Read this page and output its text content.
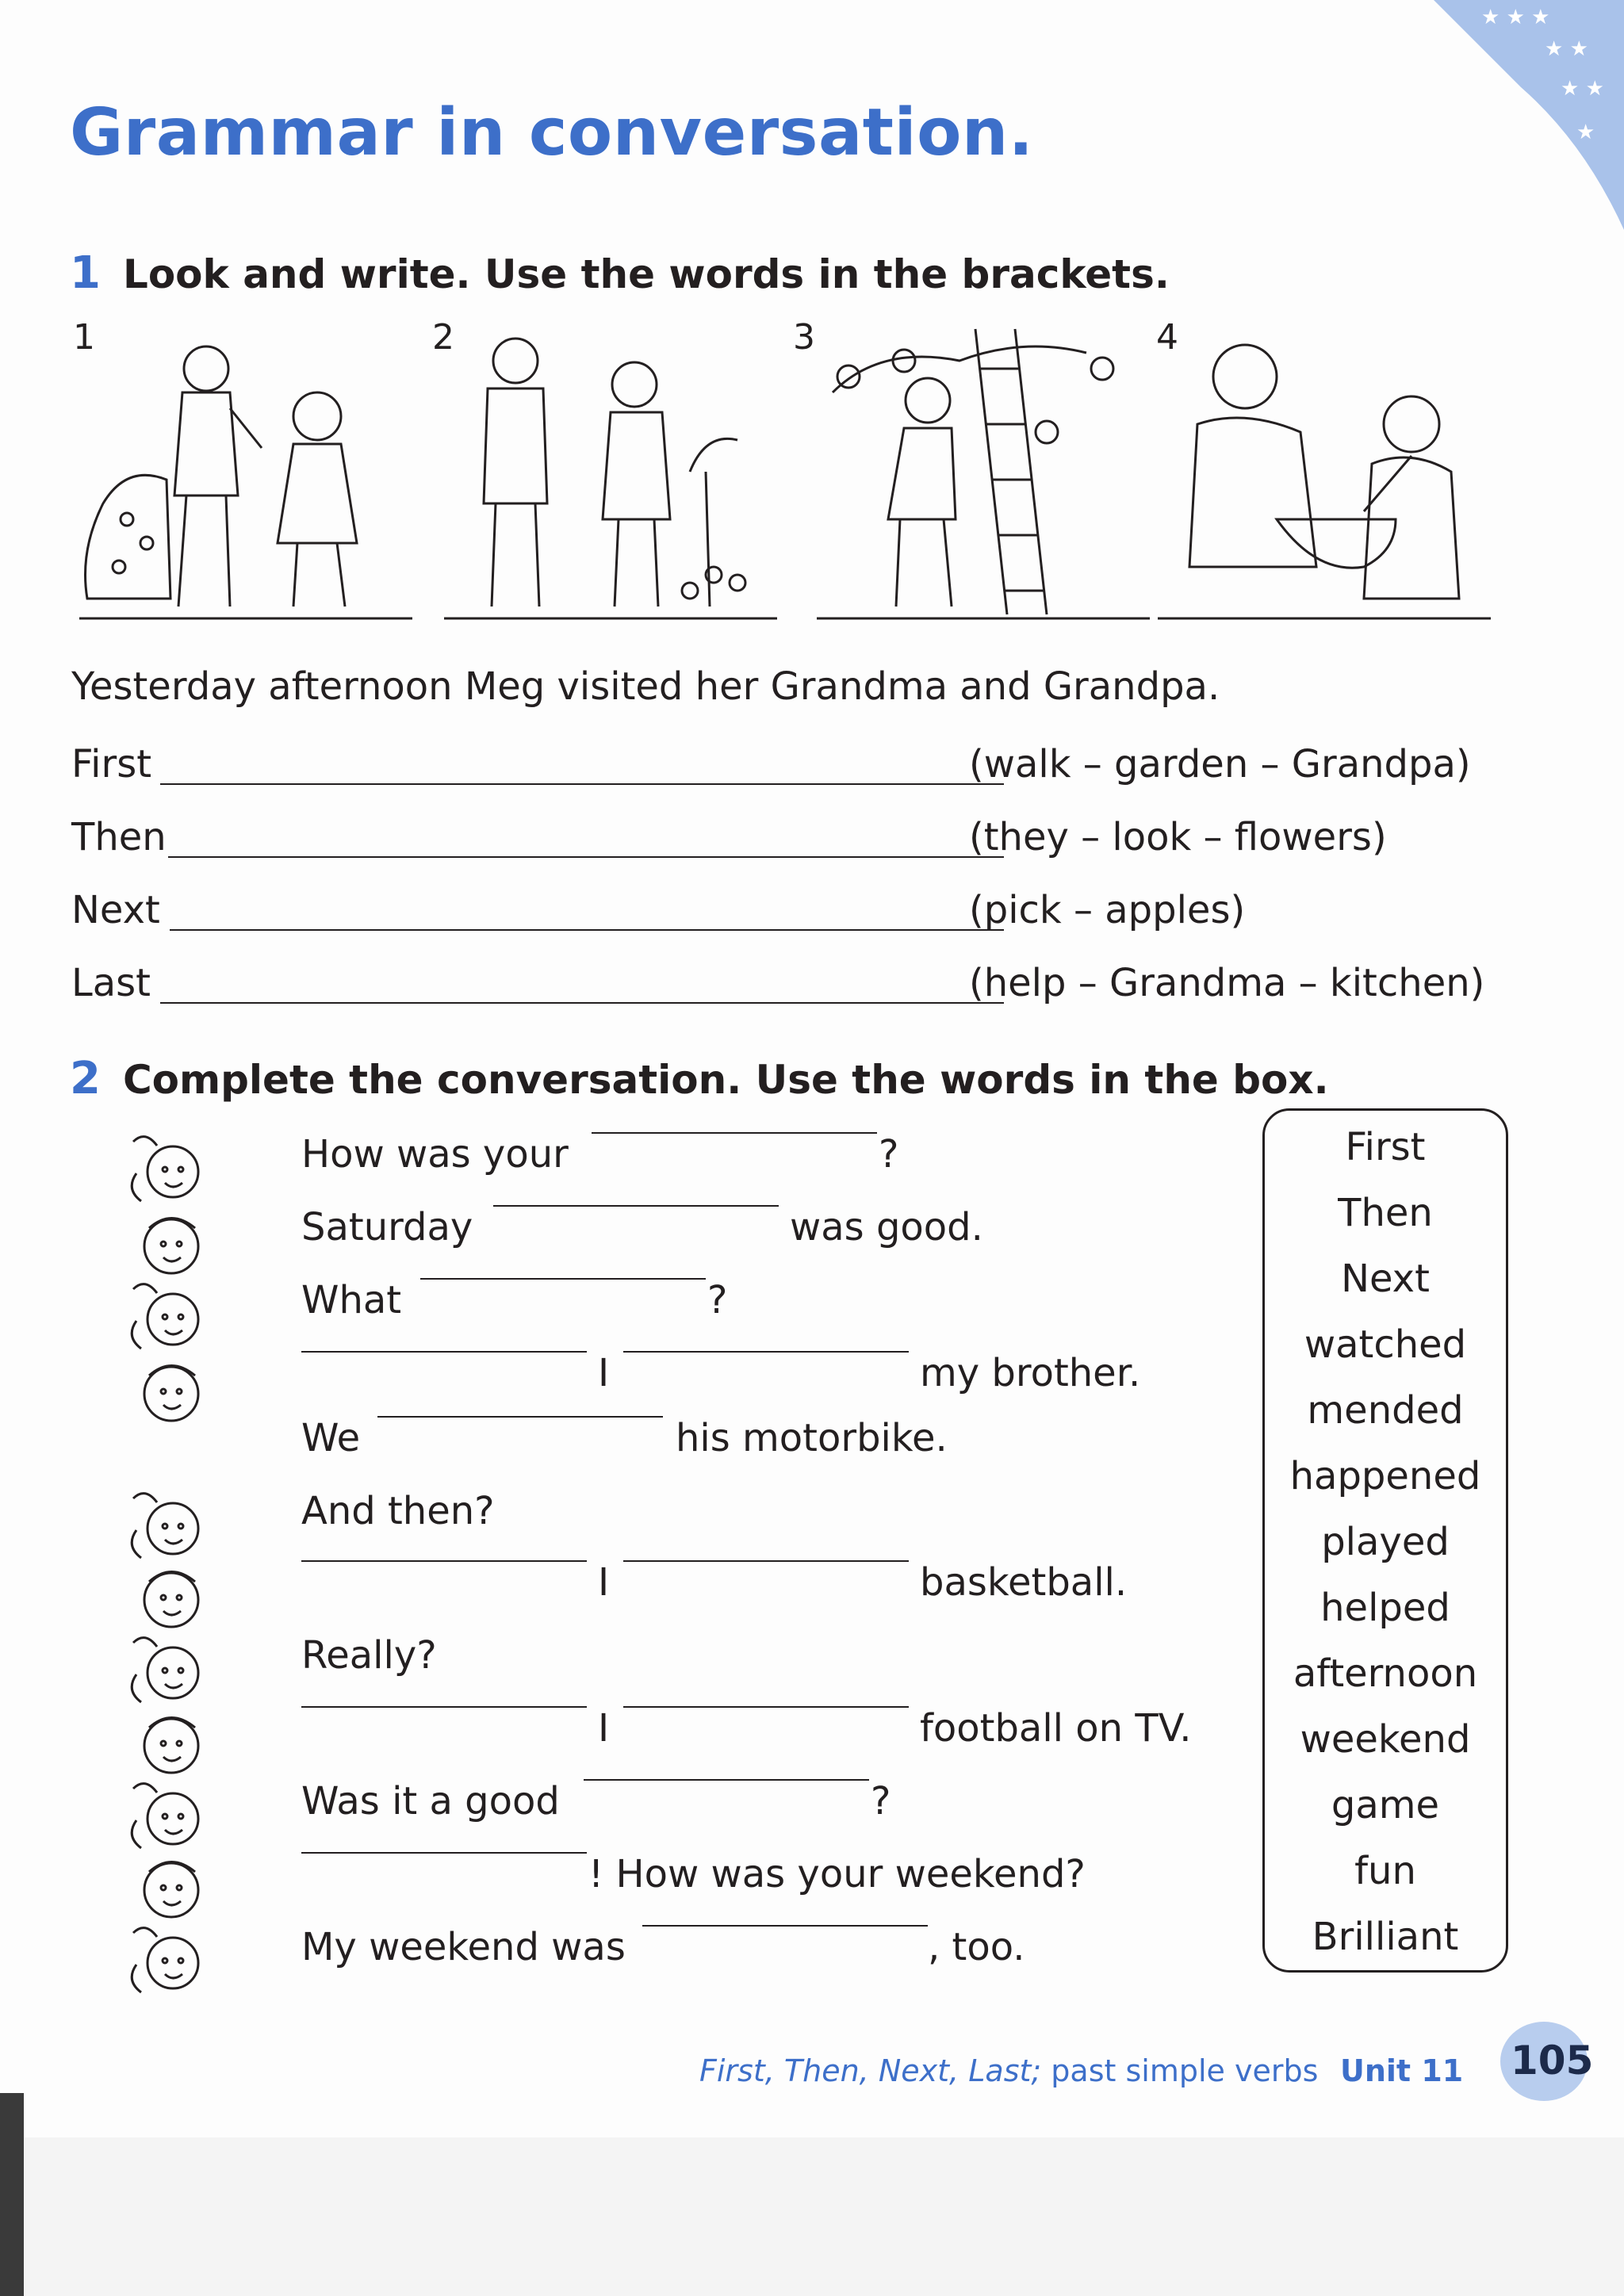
★ ★ ★
★ ★
★ ★
★
Grammar in conversation.
1 Look and write. Use the words in the brackets.
1	2	3	4

Yesterday afternoon Meg visited her Grandma and Grandpa.

First	(walk – garden – Grandpa)
Then	(they – look – flowers)
Next	(pick – apples)
Last	(help – Grandma – kitchen)
2 Complete the conversation. Use the words in the box.
How was your	?
Saturday	was good.
What	?
I	my brother.
We	his motorbike.
And then?
I	basketball.
Really?
I	football on TV.
Was it a good	?
! How was your weekend?
My weekend was	, too.
First
Then
Next
watched
mended
happened
played
helped
afternoon
weekend
game
fun
Brilliant
First, Then, Next, Last; past simple verbs Unit 11 105
